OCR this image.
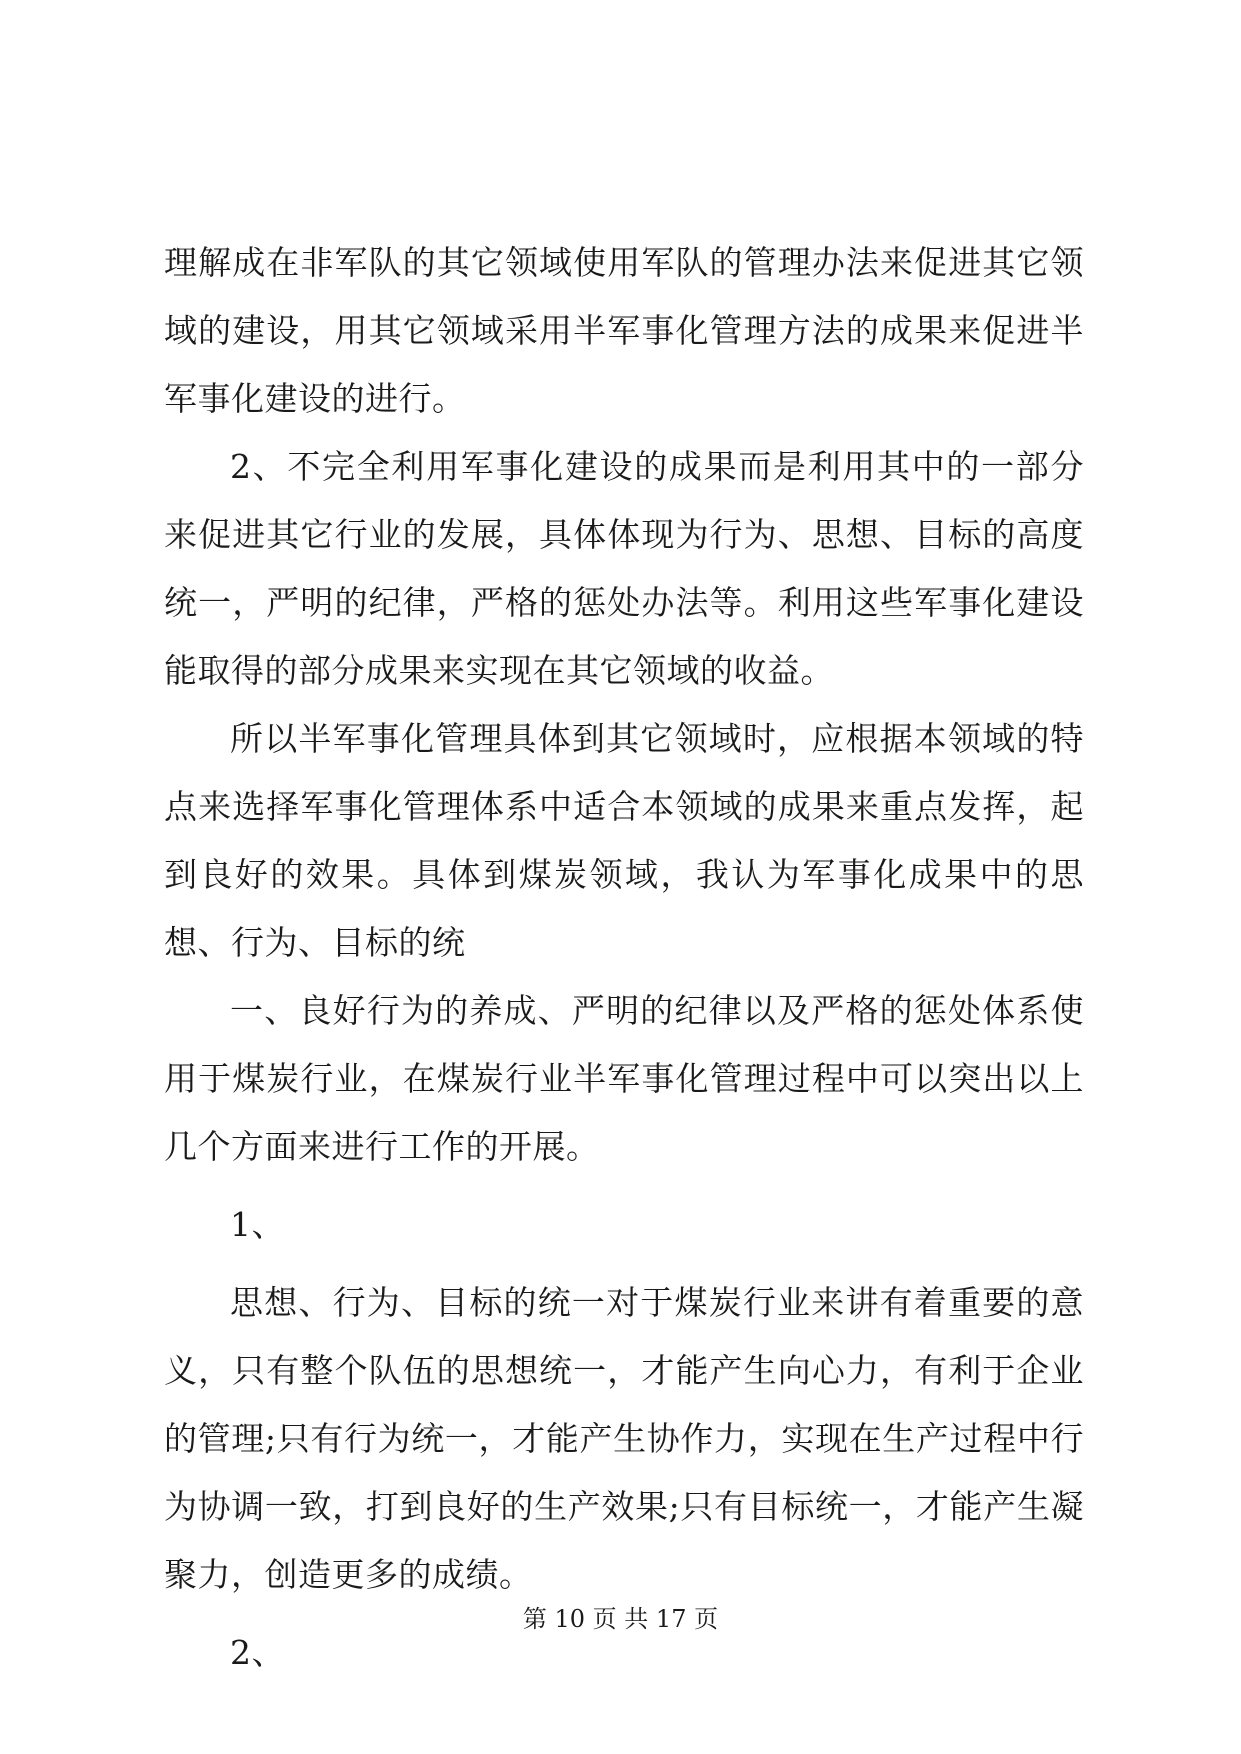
理解成在非军队的其它领域使用军队的管理办法来促进其它领域的建设，用其它领域采用半军事化管理方法的成果来促进半军事化建设的进行。

2、不完全利用军事化建设的成果而是利用其中的一部分来促进其它行业的发展，具体体现为行为、思想、目标的高度统一，严明的纪律，严格的惩处办法等。利用这些军事化建设能取得的部分成果来实现在其它领域的收益。

所以半军事化管理具体到其它领域时，应根据本领域的特点来选择军事化管理体系中适合本领域的成果来重点发挥，起到良好的效果。具体到煤炭领域，我认为军事化成果中的思想、行为、目标的统

一、良好行为的养成、严明的纪律以及严格的惩处体系使用于煤炭行业，在煤炭行业半军事化管理过程中可以突出以上几个方面来进行工作的开展。

1、

思想、行为、目标的统一对于煤炭行业来讲有着重要的意义，只有整个队伍的思想统一，才能产生向心力，有利于企业的管理;只有行为统一，才能产生协作力，实现在生产过程中行为协调一致，打到良好的生产效果;只有目标统一，才能产生凝聚力，创造更多的成绩。

2、

第 10 页 共 17 页
